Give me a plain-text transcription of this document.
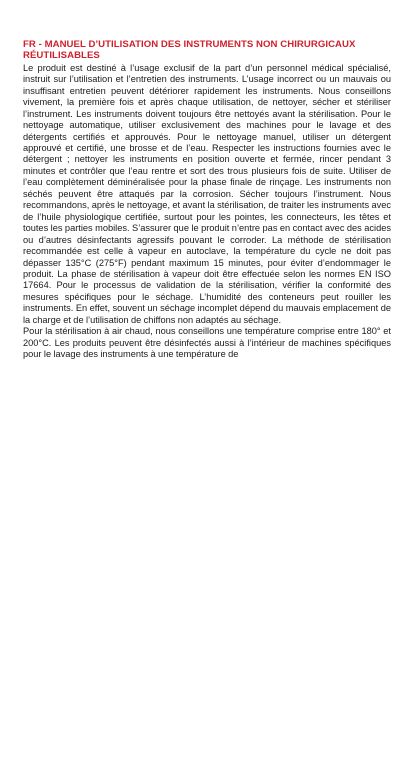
FR - MANUEL D’UTILISATION DES INSTRUMENTS NON CHIRURGICAUX RÉUTILISABLES

Le produit est destiné à l’usage exclusif de la part d’un personnel médical spécialisé, instruit sur l’utilisation et l’entretien des instruments. L’usage incorrect ou un mauvais ou insuffisant entretien peuvent détériorer rapidement les instruments. Nous conseillons vivement, la première fois et après chaque utilisation, de nettoyer, sécher et stériliser l’instrument. Les instruments doivent toujours être nettoyés avant la stérilisation. Pour le nettoyage automatique, utiliser exclusivement des machines pour le lavage et des détergents certifiés et approuvés. Pour le nettoyage manuel, utiliser un détergent approuvé et certifié, une brosse et de l’eau. Respecter les instructions fournies avec le détergent ; nettoyer les instruments en position ouverte et fermée, rincer pendant 3 minutes et contrôler que l’eau rentre et sort des trous plusieurs fois de suite. Utiliser de l’eau complètement déminéralisée pour la phase finale de rinçage. Les instruments non séchés peuvent être attaqués par la corrosion. Sécher toujours l’instrument. Nous recommandons, après le nettoyage, et avant la stérilisation, de traiter les instruments avec de l’huile physiologique certifiée, surtout pour les pointes, les connecteurs, les têtes et toutes les parties mobiles. S’assurer que le produit n’entre pas en contact avec des acides ou d’autres désinfectants agressifs pouvant le corroder. La méthode de stérilisation recommandée est celle à vapeur en autoclave, la température du cycle ne doit pas dépasser 135°C (275°F) pendant maximum 15 minutes, pour éviter d’endommager le produit. La phase de stérilisation à vapeur doit être effectuée selon les normes EN ISO 17664. Pour le processus de validation de la stérilisation, vérifier la conformité des mesures spécifiques pour le séchage. L’humidité des conteneurs peut rouiller les instruments. En effet, souvent un séchage incomplet dépend du mauvais emplacement de la charge et de l’utilisation de chiffons non adaptés au séchage.

Pour la stérilisation à air chaud, nous conseillons une température comprise entre 180° et 200°C. Les produits peuvent être désinfectés aussi à l’intérieur de machines spécifiques pour le lavage des instruments à une température de
